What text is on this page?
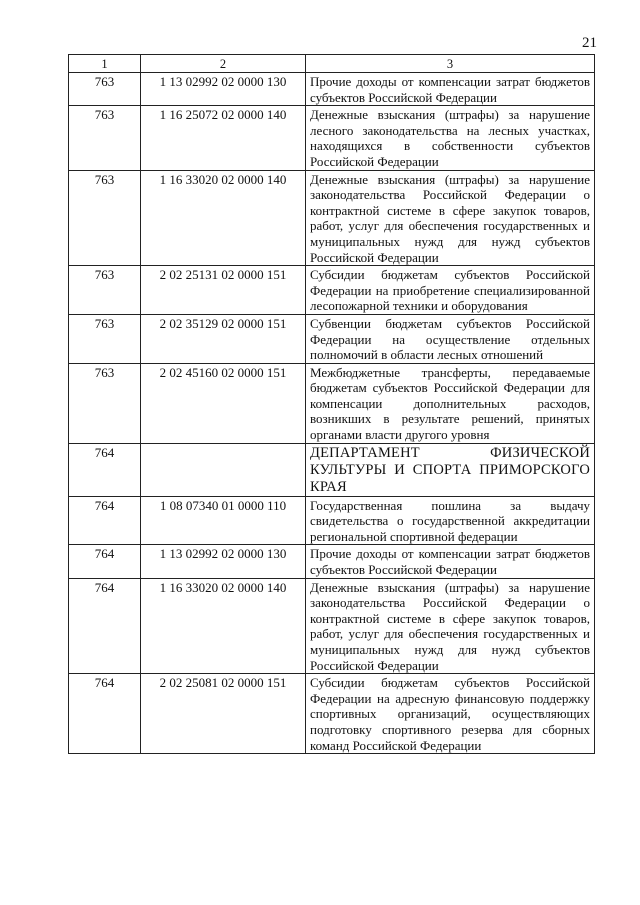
21
1	2	3
763	1 13 02992 02 0000 130	Прочие доходы от компенсации затрат бюджетов субъектов Российской Федерации
763	1 16 25072 02 0000 140	Денежные взыскания (штрафы) за нарушение лесного законодательства на лесных участках, находящихся в собственности субъектов Российской Федерации
763	1 16 33020 02 0000 140	Денежные взыскания (штрафы) за нарушение законодательства Российской Федерации о контрактной системе в сфере закупок товаров, работ, услуг для обеспечения государственных и муниципальных нужд для нужд субъектов Российской Федерации
763	2 02 25131 02 0000 151	Субсидии бюджетам субъектов Российской Федерации на приобретение специализированной лесопожарной техники и оборудования
763	2 02 35129 02 0000 151	Субвенции бюджетам субъектов Российской Федерации на осуществление отдельных полномочий в области лесных отношений
763	2 02 45160 02 0000 151	Межбюджетные трансферты, передаваемые бюджетам субъектов Российской Федерации для компенсации дополнительных расходов, возникших в результате решений, принятых органами власти другого уровня
764		ДЕПАРТАМЕНТ ФИЗИЧЕСКОЙ КУЛЬТУРЫ И СПОРТА ПРИМОРСКОГО КРАЯ
764	1 08 07340 01 0000 110	Государственная пошлина за выдачу свидетельства о государственной аккредитации региональной спортивной федерации
764	1 13 02992 02 0000 130	Прочие доходы от компенсации затрат бюджетов субъектов Российской Федерации
764	1 16 33020 02 0000 140	Денежные взыскания (штрафы) за нарушение законодательства Российской Федерации о контрактной системе в сфере закупок товаров, работ, услуг для обеспечения государственных и муниципальных нужд для нужд субъектов Российской Федерации
764	2 02 25081 02 0000 151	Субсидии бюджетам субъектов Российской Федерации на адресную финансовую поддержку спортивных организаций, осуществляющих подготовку спортивного резерва для сборных команд Российской Федерации
